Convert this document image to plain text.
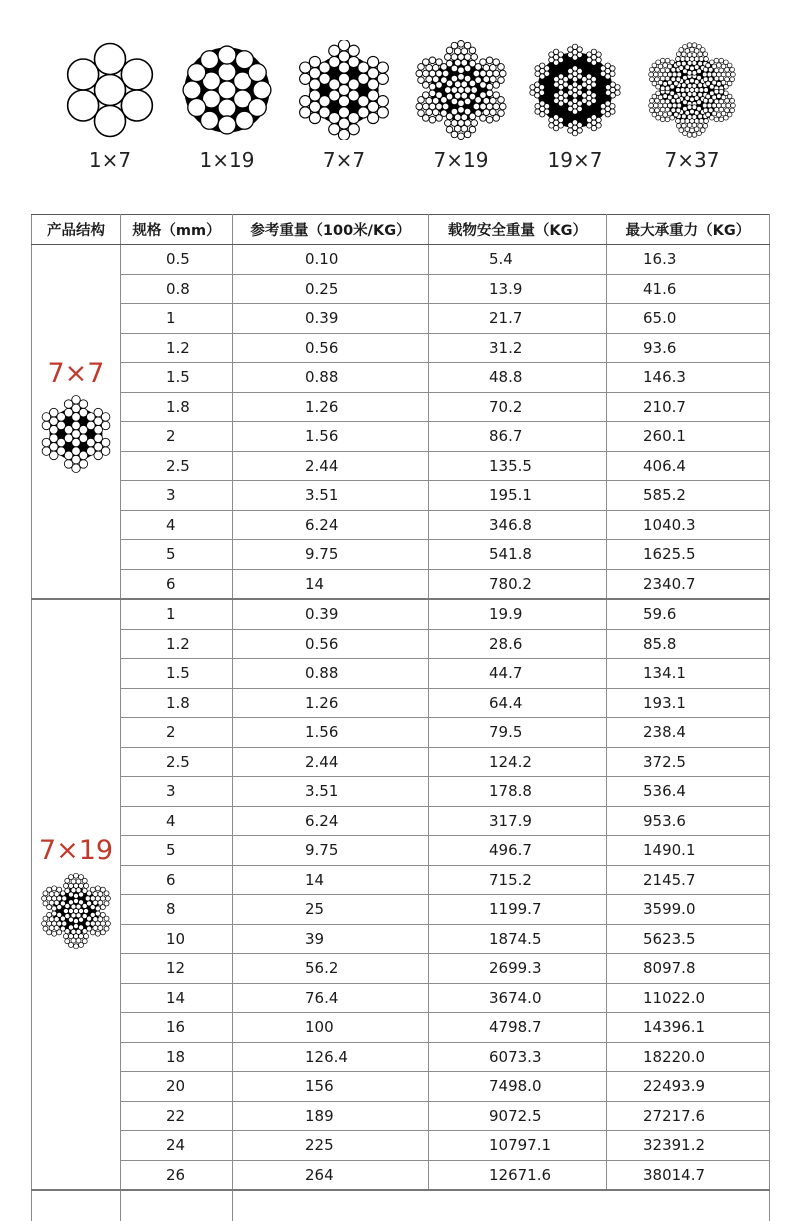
1×7	1×19	7×7	7×19	19×7	7×37
产品结构	规格（mm）	参考重量（100米/KG）	载物安全重量（KG）	最大承重力（KG）

7×7	0.5	0.10	5.4	16.3
	0.8	0.25	13.9	41.6
	1	0.39	21.7	65.0
	1.2	0.56	31.2	93.6
	1.5	0.88	48.8	146.3
	1.8	1.26	70.2	210.7
	2	1.56	86.7	260.1
	2.5	2.44	135.5	406.4
	3	3.51	195.1	585.2
	4	6.24	346.8	1040.3
	5	9.75	541.8	1625.5
	6	14	780.2	2340.7

7×19	1	0.39	19.9	59.6
	1.2	0.56	28.6	85.8
	1.5	0.88	44.7	134.1
	1.8	1.26	64.4	193.1
	2	1.56	79.5	238.4
	2.5	2.44	124.2	372.5
	3	3.51	178.8	536.4
	4	6.24	317.9	953.6
	5	9.75	496.7	1490.1
	6	14	715.2	2145.7
	8	25	1199.7	3599.0
	10	39	1874.5	5623.5
	12	56.2	2699.3	8097.8
	14	76.4	3674.0	11022.0
	16	100	4798.7	14396.1
	18	126.4	6073.3	18220.0
	20	156	7498.0	22493.9
	22	189	9072.5	27217.6
	24	225	10797.1	32391.2
	26	264	12671.6	38014.7
